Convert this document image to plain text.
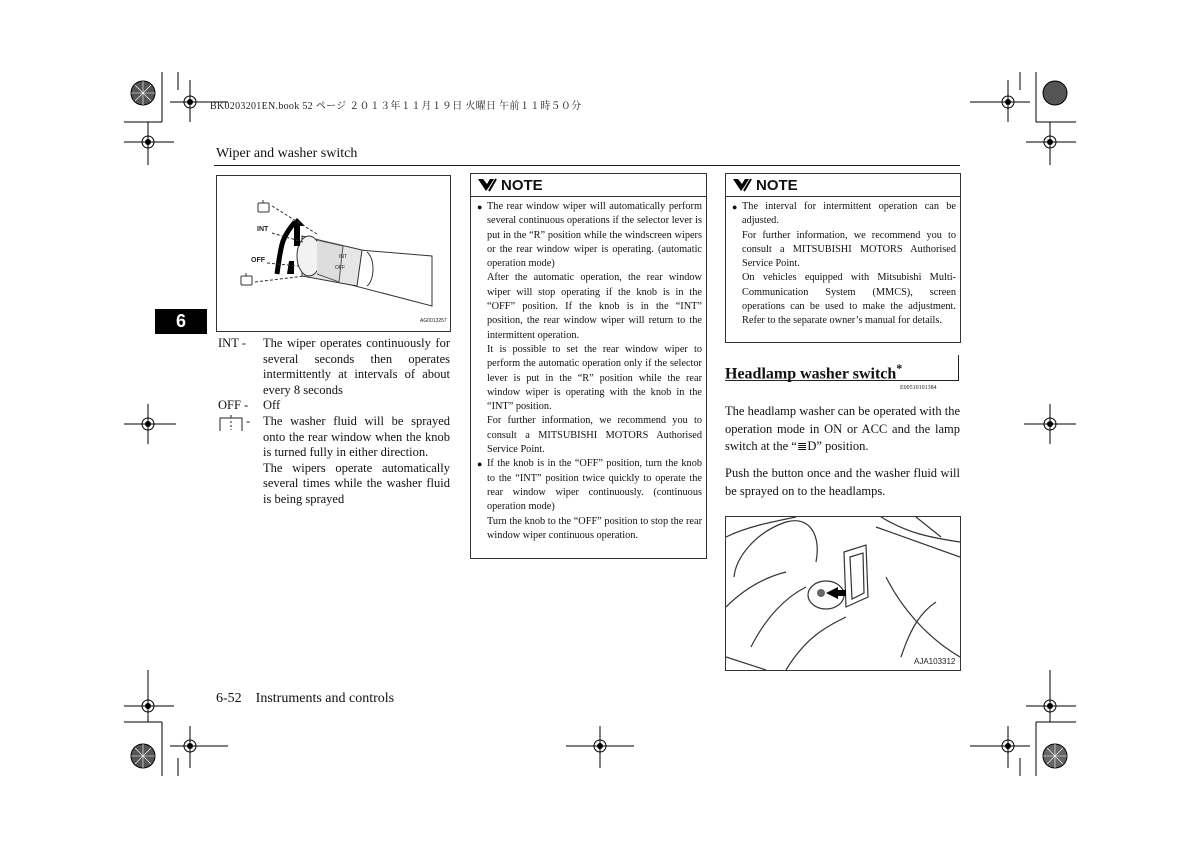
BK0203201EN.book 52 ページ ２０１３年１１月１９日 火曜日 午前１１時５０分
Wiper and washer switch
6
INT
OFF	INT
OFF
AG0013257
INT -	The wiper operates continuously for several seconds then operates intermittently at intervals of about every 8 seconds
OFF -	Off
- The washer fluid will be sprayed onto the rear window when the knob is turned fully in either direction.
The wipers operate automatically several times while the washer fluid is being sprayed
NOTE
● The rear window wiper will automatically perform several continuous operations if the selector lever is put in the “R” position while the windscreen wipers or the rear window wiper is operating. (automatic operation mode)

After the automatic operation, the rear window wiper will stop operating if the knob is in the “OFF” position. If the knob is in the “INT” position, the rear window wiper will return to the intermittent operation.

It is possible to set the rear window wiper to perform the automatic operation only if the selector lever is put in the “R” position while the rear window wiper is operating with the knob in the “INT” position.

For further information, we recommend you to consult a MITSUBISHI MOTORS Authorised Service Point.

● If the knob is in the “OFF” position, turn the knob to the “INT” position twice quickly to operate the rear window wiper continuously. (continuous operation mode)

Turn the knob to the “OFF” position to stop the rear window wiper continuous operation.

NOTE
● The interval for intermittent operation can be adjusted.

For further information, we recommend you to consult a MITSUBISHI MOTORS Authorised Service Point.

On vehicles equipped with Mitsubishi Multi-Communication System (MMCS), screen operations can be used to make the adjustment. Refer to the separate owner’s manual for details.

Headlamp washer switch*
E00510101384
The headlamp washer can be operated with the operation mode in ON or ACC and the lamp switch at the “≣D” position.
Push the button once and the washer fluid will be sprayed on to the headlamps.
AJA103312
6-52 Instruments and controls
